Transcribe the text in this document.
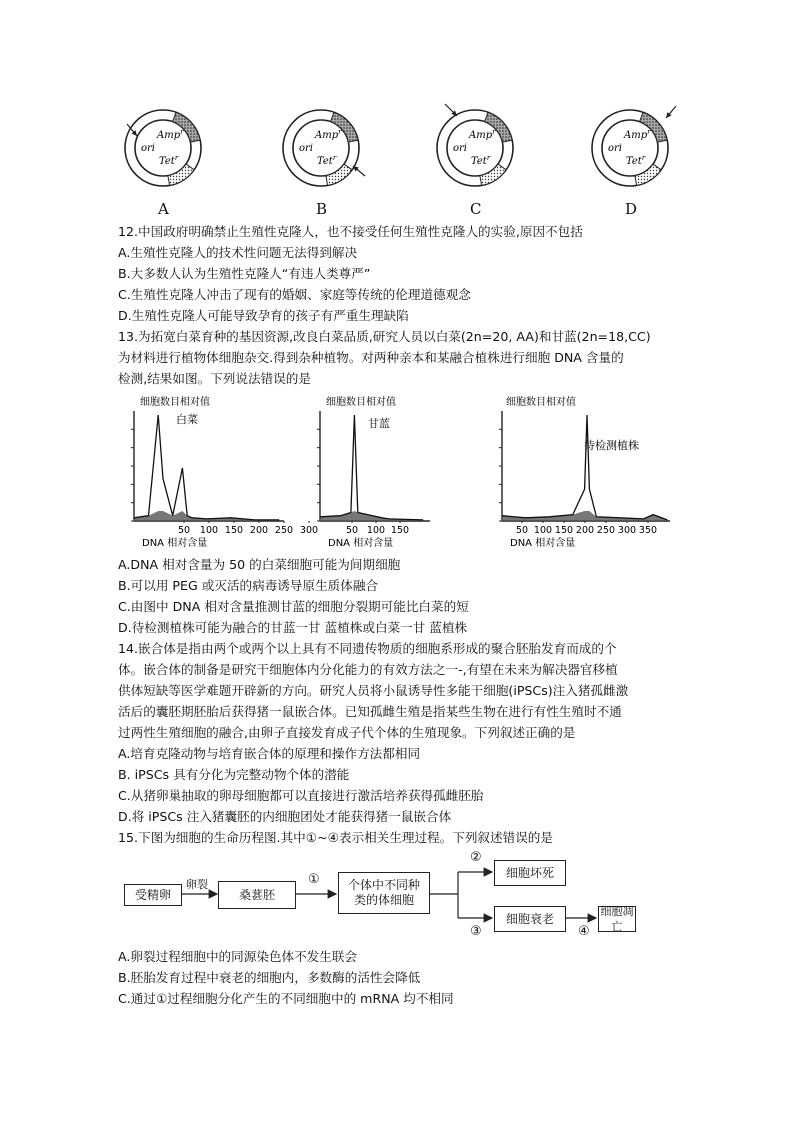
Amp$^r$
ori
Tet$^r$
Amp$^r$
ori
Tet$^r$
Amp$^r$
ori
Tet$^r$
Amp$^r$
ori
Tet$^r$
A	B	C	D
12.中国政府明确禁止生殖性克隆人，也不接受任何生殖性克隆人的实验,原因不包括
A.生殖性克隆人的技术性问题无法得到解决
B.大多数人认为生殖性克隆人“有违人类尊严”
C.生殖性克隆人冲击了现有的婚姻、家庭等传统的伦理道德观念
D.生殖性克隆人可能导致孕育的孩子有严重生理缺陷
13.为拓宽白菜育种的基因资源,改良白菜品质,研究人员以白菜(2n=20, AA)和甘蓝(2n=18,CC)
为材料进行植物体细胞杂交.得到杂种植物。对两种亲本和某融合植株进行细胞 DNA 含量的
检测,结果如图。下列说法错误的是
细胞数目相对值
白菜
50 100 150 200 250 300
DNA 相对含量
细胞数目相对值
甘蓝
50 100 150
DNA 相对含量
细胞数目相对值
待检测植株
50 100 150 200 250 300 350
DNA 相对含量
A.DNA 相对含量为 50 的白菜细胞可能为间期细胞
B.可以用 PEG 或灭活的病毒诱导原生质体融合
C.由图中 DNA 相对含量推测甘蓝的细胞分裂期可能比白菜的短
D.待检测植株可能为融合的甘蓝一甘 蓝植株或白菜一甘 蓝植株
14.嵌合体是指由两个或两个以上具有不同遗传物质的细胞系形成的聚合胚胎发育而成的个
体。嵌合体的制备是研究干细胞体内分化能力的有效方法之一-,有望在未来为解决器官移植
供体短缺等医学难题开辟新的方向。研究人员将小鼠诱导性多能干细胞(iPSCs)注入猪孤雌激
活后的囊胚期胚胎后获得猪一鼠嵌合体。已知孤雌生殖是指某些生物在进行有性生殖时不通
过两性生殖细胞的融合,由卵子直接发育成子代个体的生殖现象。下列叙述正确的是
A.培育克隆动物与培育嵌合体的原理和操作方法都相同
B. iPSCs 具有分化为完整动物个体的潜能
C.从猪卵巢抽取的卵母细胞都可以直接进行激活培养获得孤雌胚胎
D.将 iPSCs 注入猪囊胚的内细胞团处才能获得猪一鼠嵌合体
15.下图为细胞的生命历程图.其中①~④表示相关生理过程。下列叙述错误的是
受精卵
卵裂
桑葚胚
① 个体中不同种
类的体细胞
②
细胞坏死
细胞衰老
③	④
细胞凋亡
A.卵裂过程细胞中的同源染色体不发生联会
B.胚胎发育过程中衰老的细胞内，多数酶的活性会降低
C.通过①过程细胞分化产生的不同细胞中的 mRNA 均不相同
